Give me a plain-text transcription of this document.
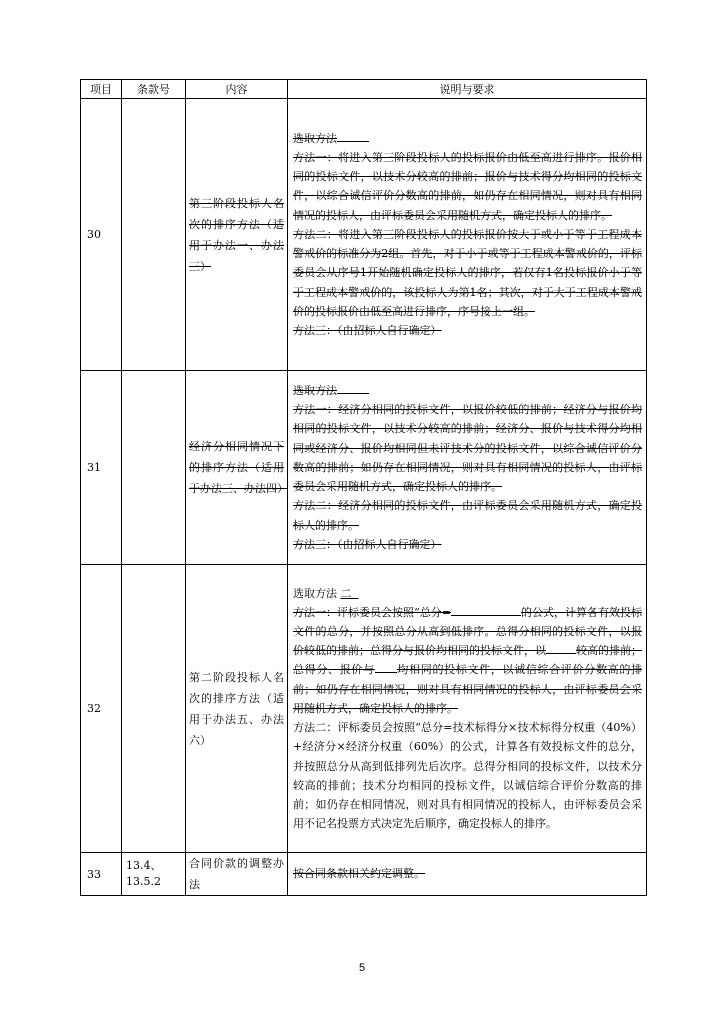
项目	条款号	内容	说明与要求
30		第三阶段投标人名次的排序方法（适用于办法一、办法三）	选取方法

方法一：将进入第三阶段投标人的投标报价由低至高进行排序。报价相同的投标文件，以技术分较高的排前；报价与技术得分均相同的投标文件，以综合诚信评价分数高的排前，如仍存在相同情况，则对具有相同情况的投标人，由评标委员会采用随机方式，确定投标人的排序。

方法二：将进入第三阶段投标人的投标报价按大于或小于等于工程成本警戒价的标准分为2组。首先，对于小于或等于工程成本警戒价的，评标委员会从序号1开始随机确定投标人的排序，若仅有1名投标报价小于等于工程成本警戒价的，该投标人为第1名；其次，对于大于工程成本警戒价的投标报价由低至高进行排序，序号接上一组。

方法三：（由招标人自行确定）

31		经济分相同情况下的排序方法（适用于办法三、办法四）	选取方法

方法一：经济分相同的投标文件，以报价较低的排前；经济分与报价均相同的投标文件，以技术分较高的排前；经济分、报价与技术得分均相同或经济分、报价均相同但未评技术分的投标文件，以综合诚信评价分数高的排前；如仍存在相同情况，则对具有相同情况的投标人，由评标委员会采用随机方式，确定投标人的排序。

方法二：经济分相同的投标文件，由评标委员会采用随机方式，确定投标人的排序。

方法三：（由招标人自行确定）

32		第二阶段投标人名次的排序方法（适用于办法五、办法六）	选取方法 二

方法一：评标委员会按照“总分= 的公式，计算各有效投标文件的总分，并按照总分从高到低排序。总得分相同的投标文件，以报价较低的排前；总得分与报价均相同的投标文件，以 较高的排前；总得分、报价与 均相同的投标文件，以诚信综合评价分数高的排前；如仍存在相同情况，则对具有相同情况的投标人，由评标委员会采用随机方式，确定投标人的排序。

方法二：评标委员会按照“总分=技术标得分×技术标得分权重（40%）+经济分×经济分权重（60%）的公式，计算各有效投标文件的总分，并按照总分从高到低排列先后次序。总得分相同的投标文件，以技术分较高的排前；技术分均相同的投标文件，以诚信综合评价分数高的排前；如仍存在相同情况，则对具有相同情况的投标人，由评标委员会采用不记名投票方式决定先后顺序，确定投标人的排序。

33	13.4、13.5.2	合同价款的调整办法	按合同条款相关约定调整。
5
